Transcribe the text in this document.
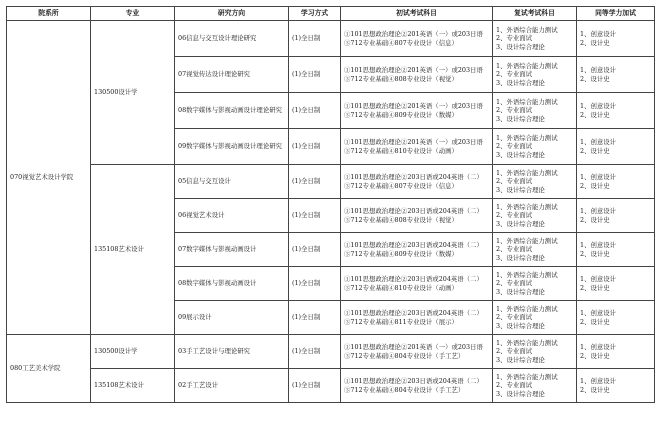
院系所	专业	研究方向	学习方式	初试考试科目	复试考试科目	同等学力加试
070视觉艺术设计学院	130500设计学	06信息与交互设计理论研究	(1)全日制	①101思想政治理论②201英语（一）或203日语
③712专业基础④807专业设计（信息）	1、外语综合能力测试
2、专业面试
3、设计综合理论	1、创意设计
2、设计史
		07视觉传达设计理论研究	(1)全日制	①101思想政治理论②201英语（一）或203日语
③712专业基础④808专业设计（视觉）	1、外语综合能力测试
2、专业面试
3、设计综合理论	1、创意设计
2、设计史
		08数字媒体与影视动画设计理论研究	(1)全日制	①101思想政治理论②201英语（一）或203日语
③712专业基础④809专业设计（数媒）	1、外语综合能力测试
2、专业面试
3、设计综合理论	1、创意设计
2、设计史
		09数字媒体与影视动画设计理论研究	(1)全日制	①101思想政治理论②201英语（一）或203日语
③712专业基础④810专业设计（动画）	1、外语综合能力测试
2、专业面试
3、设计综合理论	1、创意设计
2、设计史
	135108艺术设计	05信息与交互设计	(1)全日制	①101思想政治理论②203日语或204英语（二）
③712专业基础④807专业设计（信息）	1、外语综合能力测试
2、专业面试
3、设计综合理论	1、创意设计
2、设计史
		06视觉艺术设计	(1)全日制	①101思想政治理论②203日语或204英语（二）
③712专业基础④808专业设计（视觉）	1、外语综合能力测试
2、专业面试
3、设计综合理论	1、创意设计
2、设计史
		07数字媒体与影视动画设计	(1)全日制	①101思想政治理论②203日语或204英语（二）
③712专业基础④809专业设计（数媒）	1、外语综合能力测试
2、专业面试
3、设计综合理论	1、创意设计
2、设计史
		08数字媒体与影视动画设计	(1)全日制	①101思想政治理论②203日语或204英语（二）
③712专业基础④810专业设计（动画）	1、外语综合能力测试
2、专业面试
3、设计综合理论	1、创意设计
2、设计史
		09展示设计	(1)全日制	①101思想政治理论②203日语或204英语（二）
③712专业基础④811专业设计（展示）	1、外语综合能力测试
2、专业面试
3、设计综合理论	1、创意设计
2、设计史
080工艺美术学院	130500设计学	03手工艺设计与理论研究	(1)全日制	①101思想政治理论②201英语（一）或203日语
③712专业基础④804专业设计（手工艺）	1、外语综合能力测试
2、专业面试
3、设计综合理论	1、创意设计
2、设计史
	135108艺术设计	02手工艺设计	(1)全日制	①101思想政治理论②203日语或204英语（二）
③712专业基础④804专业设计（手工艺）	1、外语综合能力测试
2、专业面试
3、设计综合理论	1、创意设计
2、设计史
